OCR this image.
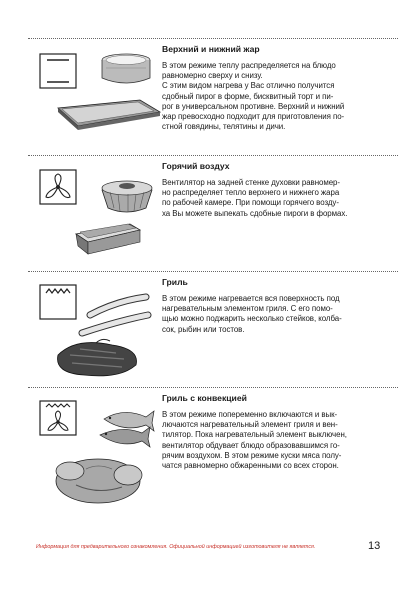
Верхний и нижний жар

В этом режиме теплу распределяется на блюдо
равномерно сверху и снизу.
С этим видом нагрева у Вас отлично получится
сдобный пирог в форме, бисквитный торт и пи-
рог в универсальном противне. Верхний и нижний
жар превосходно подходит для приготовления по-
стной говядины, телятины и дичи.

Горячий воздух

Вентилятор на задней стенке духовки равномер-
но распределяет тепло верхнего и нижнего жара
по рабочей камере. При помощи горячего возду-
ха Вы можете выпекать сдобные пироги в формах.

Гриль

В этом режиме нагревается вся поверхность под
нагревательным элементом гриля. С его помо-
щью можно поджарить несколько стейков, колба-
сок, рыбин или тостов.

Гриль с конвекцией

В этом режиме попеременно включаются и вык-
лючаются нагревательный элемент гриля и вен-
тилятор. Пока нагревательный элемент выключен,
вентилятор обдувает блюдо образовавшимся го-
рячим воздухом. В этом режиме куски мяса полу-
чатся равномерно обжаренными со всех сторон.

Информация для предварительного ознакомления. Официальной информацией изготовителя не является.	13
